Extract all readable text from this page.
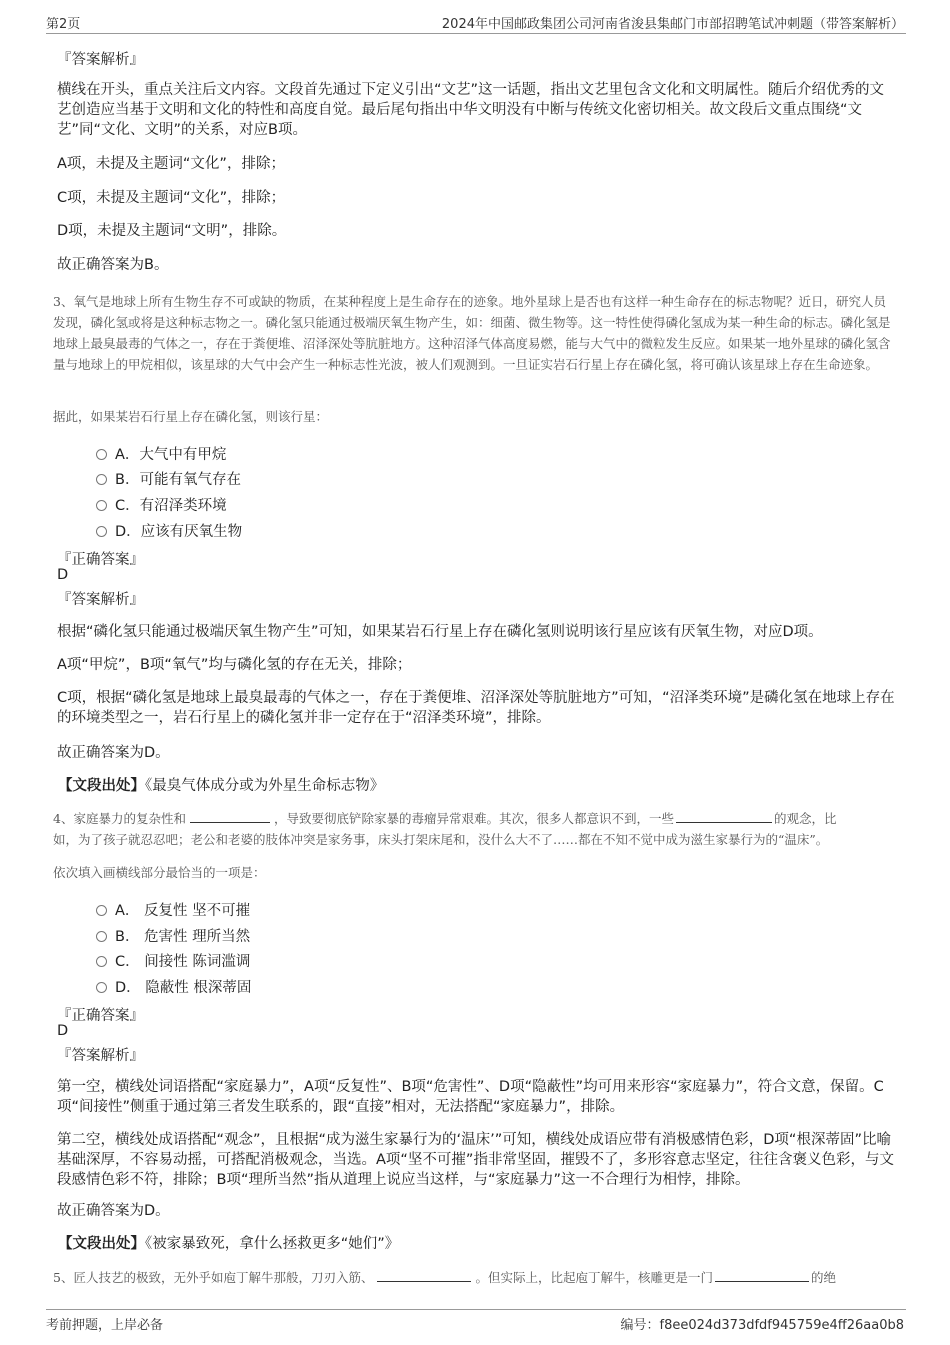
第2页	2024年中国邮政集团公司河南省浚县集邮门市部招聘笔试冲刺题（带答案解析）
『答案解析』
横线在开头，重点关注后文内容。文段首先通过下定义引出“文艺”这一话题，指出文艺里包含文化和文明属性。随后介绍优秀的文艺创造应当基于文明和文化的特性和高度自觉。最后尾句指出中华文明没有中断与传统文化密切相关。故文段后文重点围绕“文艺”同“文化、文明”的关系，对应B项。
A项，未提及主题词“文化”，排除；
C项，未提及主题词“文化”，排除；
D项，未提及主题词“文明”，排除。
故正确答案为B。
3、氧气是地球上所有生物生存不可或缺的物质，在某种程度上是生命存在的迹象。地外星球上是否也有这样一种生命存在的标志物呢？近日，研究人员发现，磷化氢或将是这种标志物之一。磷化氢只能通过极端厌氧生物产生，如：细菌、微生物等。这一特性使得磷化氢成为某一种生命的标志。磷化氢是地球上最臭最毒的气体之一，存在于粪便堆、沼泽深处等肮脏地方。这种沼泽气体高度易燃，能与大气中的微粒发生反应。如果某一地外星球的磷化氢含量与地球上的甲烷相似，该星球的大气中会产生一种标志性光波，被人们观测到。一旦证实岩石行星上存在磷化氢，将可确认该星球上存在生命迹象。
据此，如果某岩石行星上存在磷化氢，则该行星：
A．大气中有甲烷
B．可能有氧气存在
C．有沼泽类环境
D．应该有厌氧生物
『正确答案』
D
『答案解析』
根据“磷化氢只能通过极端厌氧生物产生”可知，如果某岩石行星上存在磷化氢则说明该行星应该有厌氧生物，对应D项。
A项“甲烷”，B项“氧气”均与磷化氢的存在无关，排除；
C项，根据“磷化氢是地球上最臭最毒的气体之一，存在于粪便堆、沼泽深处等肮脏地方”可知，“沼泽类环境”是磷化氢在地球上存在的环境类型之一，岩石行星上的磷化氢并非一定存在于“沼泽类环境”，排除。
故正确答案为D。
【文段出处】《最臭气体成分或为外星生命标志物》
4、家庭暴力的复杂性和	，导致要彻底铲除家暴的毒瘤异常艰难。其次，很多人都意识不到，一些	的观念，比
如，为了孩子就忍忍吧；老公和老婆的肢体冲突是家务事，床头打架床尾和，没什么大不了……都在不知不觉中成为滋生家暴行为的“温床”。
依次填入画横线部分最恰当的一项是：
A． 反复性 坚不可摧
B． 危害性 理所当然
C． 间接性 陈词滥调
D． 隐蔽性 根深蒂固
『正确答案』
D
『答案解析』
第一空，横线处词语搭配“家庭暴力”，A项“反复性”、B项“危害性”、D项“隐蔽性”均可用来形容“家庭暴力”，符合文意，保留。C项“间接性”侧重于通过第三者发生联系的，跟“直接”相对，无法搭配“家庭暴力”，排除。
第二空，横线处成语搭配“观念”，且根据“成为滋生家暴行为的‘温床’”可知，横线处成语应带有消极感情色彩，D项“根深蒂固”比喻基础深厚，不容易动摇，可搭配消极观念，当选。A项“坚不可摧”指非常坚固，摧毁不了，多形容意志坚定，往往含褒义色彩，与文段感情色彩不符，排除；B项“理所当然”指从道理上说应当这样，与“家庭暴力”这一不合理行为相悖，排除。
故正确答案为D。
【文段出处】《被家暴致死，拿什么拯救更多“她们”》
5、匠人技艺的极致，无外乎如庖丁解牛那般，刀刃入筋、	。但实际上，比起庖丁解牛，核雕更是一门	的绝
考前押题，上岸必备	编号：f8ee024d373dfdf945759e4ff26aa0b8
